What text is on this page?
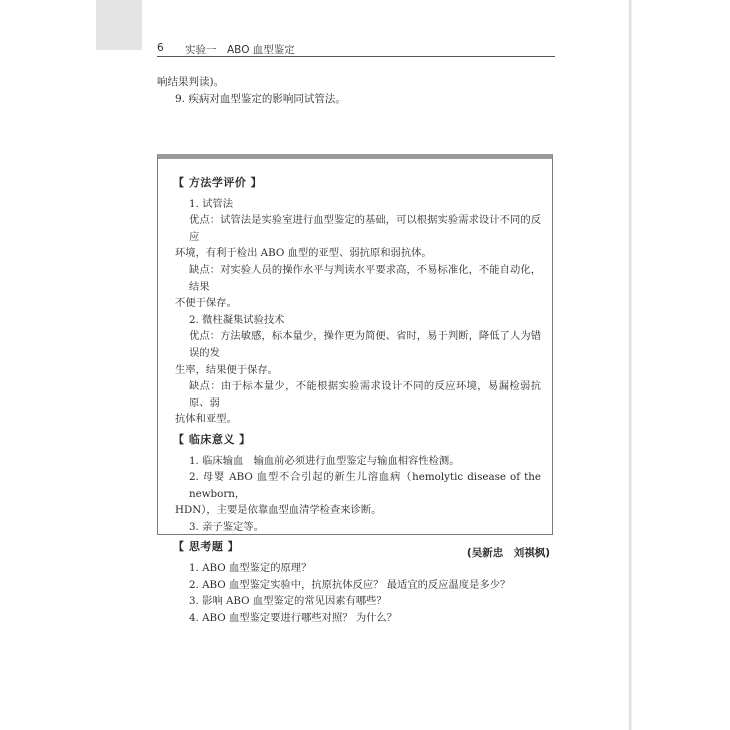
6 实验一　ABO 血型鉴定

响结果判读)。

9. 疾病对血型鉴定的影响同试管法。

【 方法学评价 】

1. 试管法

优点：试管法是实验室进行血型鉴定的基础，可以根据实验需求设计不同的反应

环境，有利于检出 ABO 血型的亚型、弱抗原和弱抗体。

缺点：对实验人员的操作水平与判读水平要求高，不易标准化，不能自动化，结果

不便于保存。

2. 微柱凝集试验技术

优点：方法敏感，标本量少，操作更为简便、省时，易于判断，降低了人为错误的发

生率，结果便于保存。

缺点：由于标本量少，不能根据实验需求设计不同的反应环境，易漏检弱抗原、弱

抗体和亚型。

【 临床意义 】

1. 临床输血　输血前必须进行血型鉴定与输血相容性检测。

2. 母婴 ABO 血型不合引起的新生儿溶血病（hemolytic disease of the newborn，

HDN），主要是依靠血型血清学检查来诊断。

3. 亲子鉴定等。

【 思考题 】

1. ABO 血型鉴定的原理？

2. ABO 血型鉴定实验中，抗原抗体反应？ 最适宜的反应温度是多少？

3. 影响 ABO 血型鉴定的常见因素有哪些？

4. ABO 血型鉴定要进行哪些对照？ 为什么？

(吴新忠　刘祺枫)
